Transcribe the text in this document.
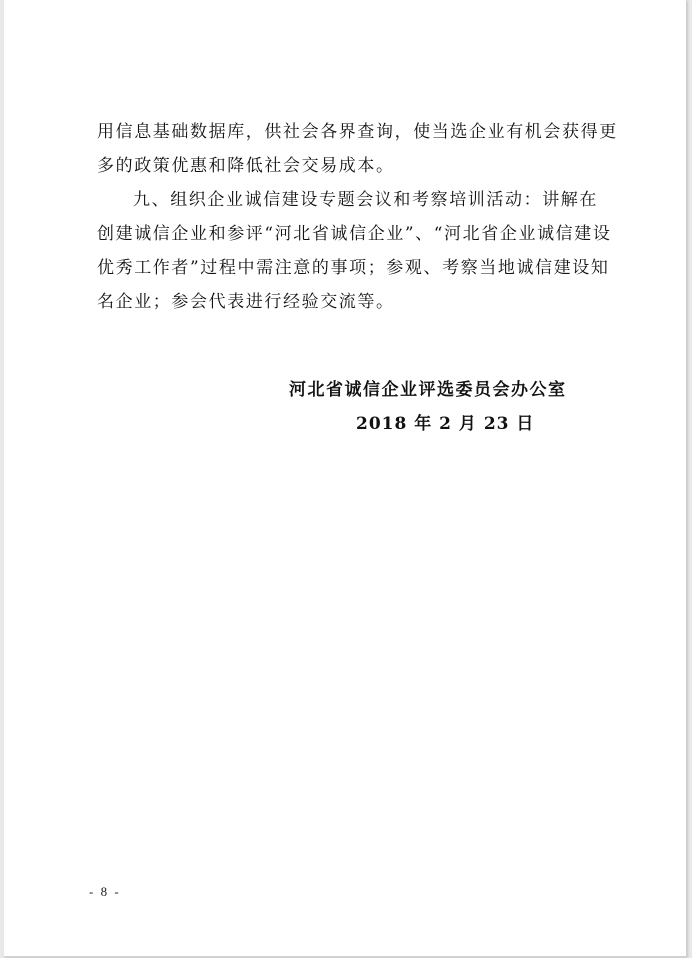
用信息基础数据库，供社会各界查询，使当选企业有机会获得更
多的政策优惠和降低社会交易成本。
九、组织企业诚信建设专题会议和考察培训活动：讲解在
创建诚信企业和参评“河北省诚信企业”、“河北省企业诚信建设
优秀工作者”过程中需注意的事项；参观、考察当地诚信建设知
名企业；参会代表进行经验交流等。
河北省诚信企业评选委员会办公室
2018 年 2 月 23 日
- 8 -
